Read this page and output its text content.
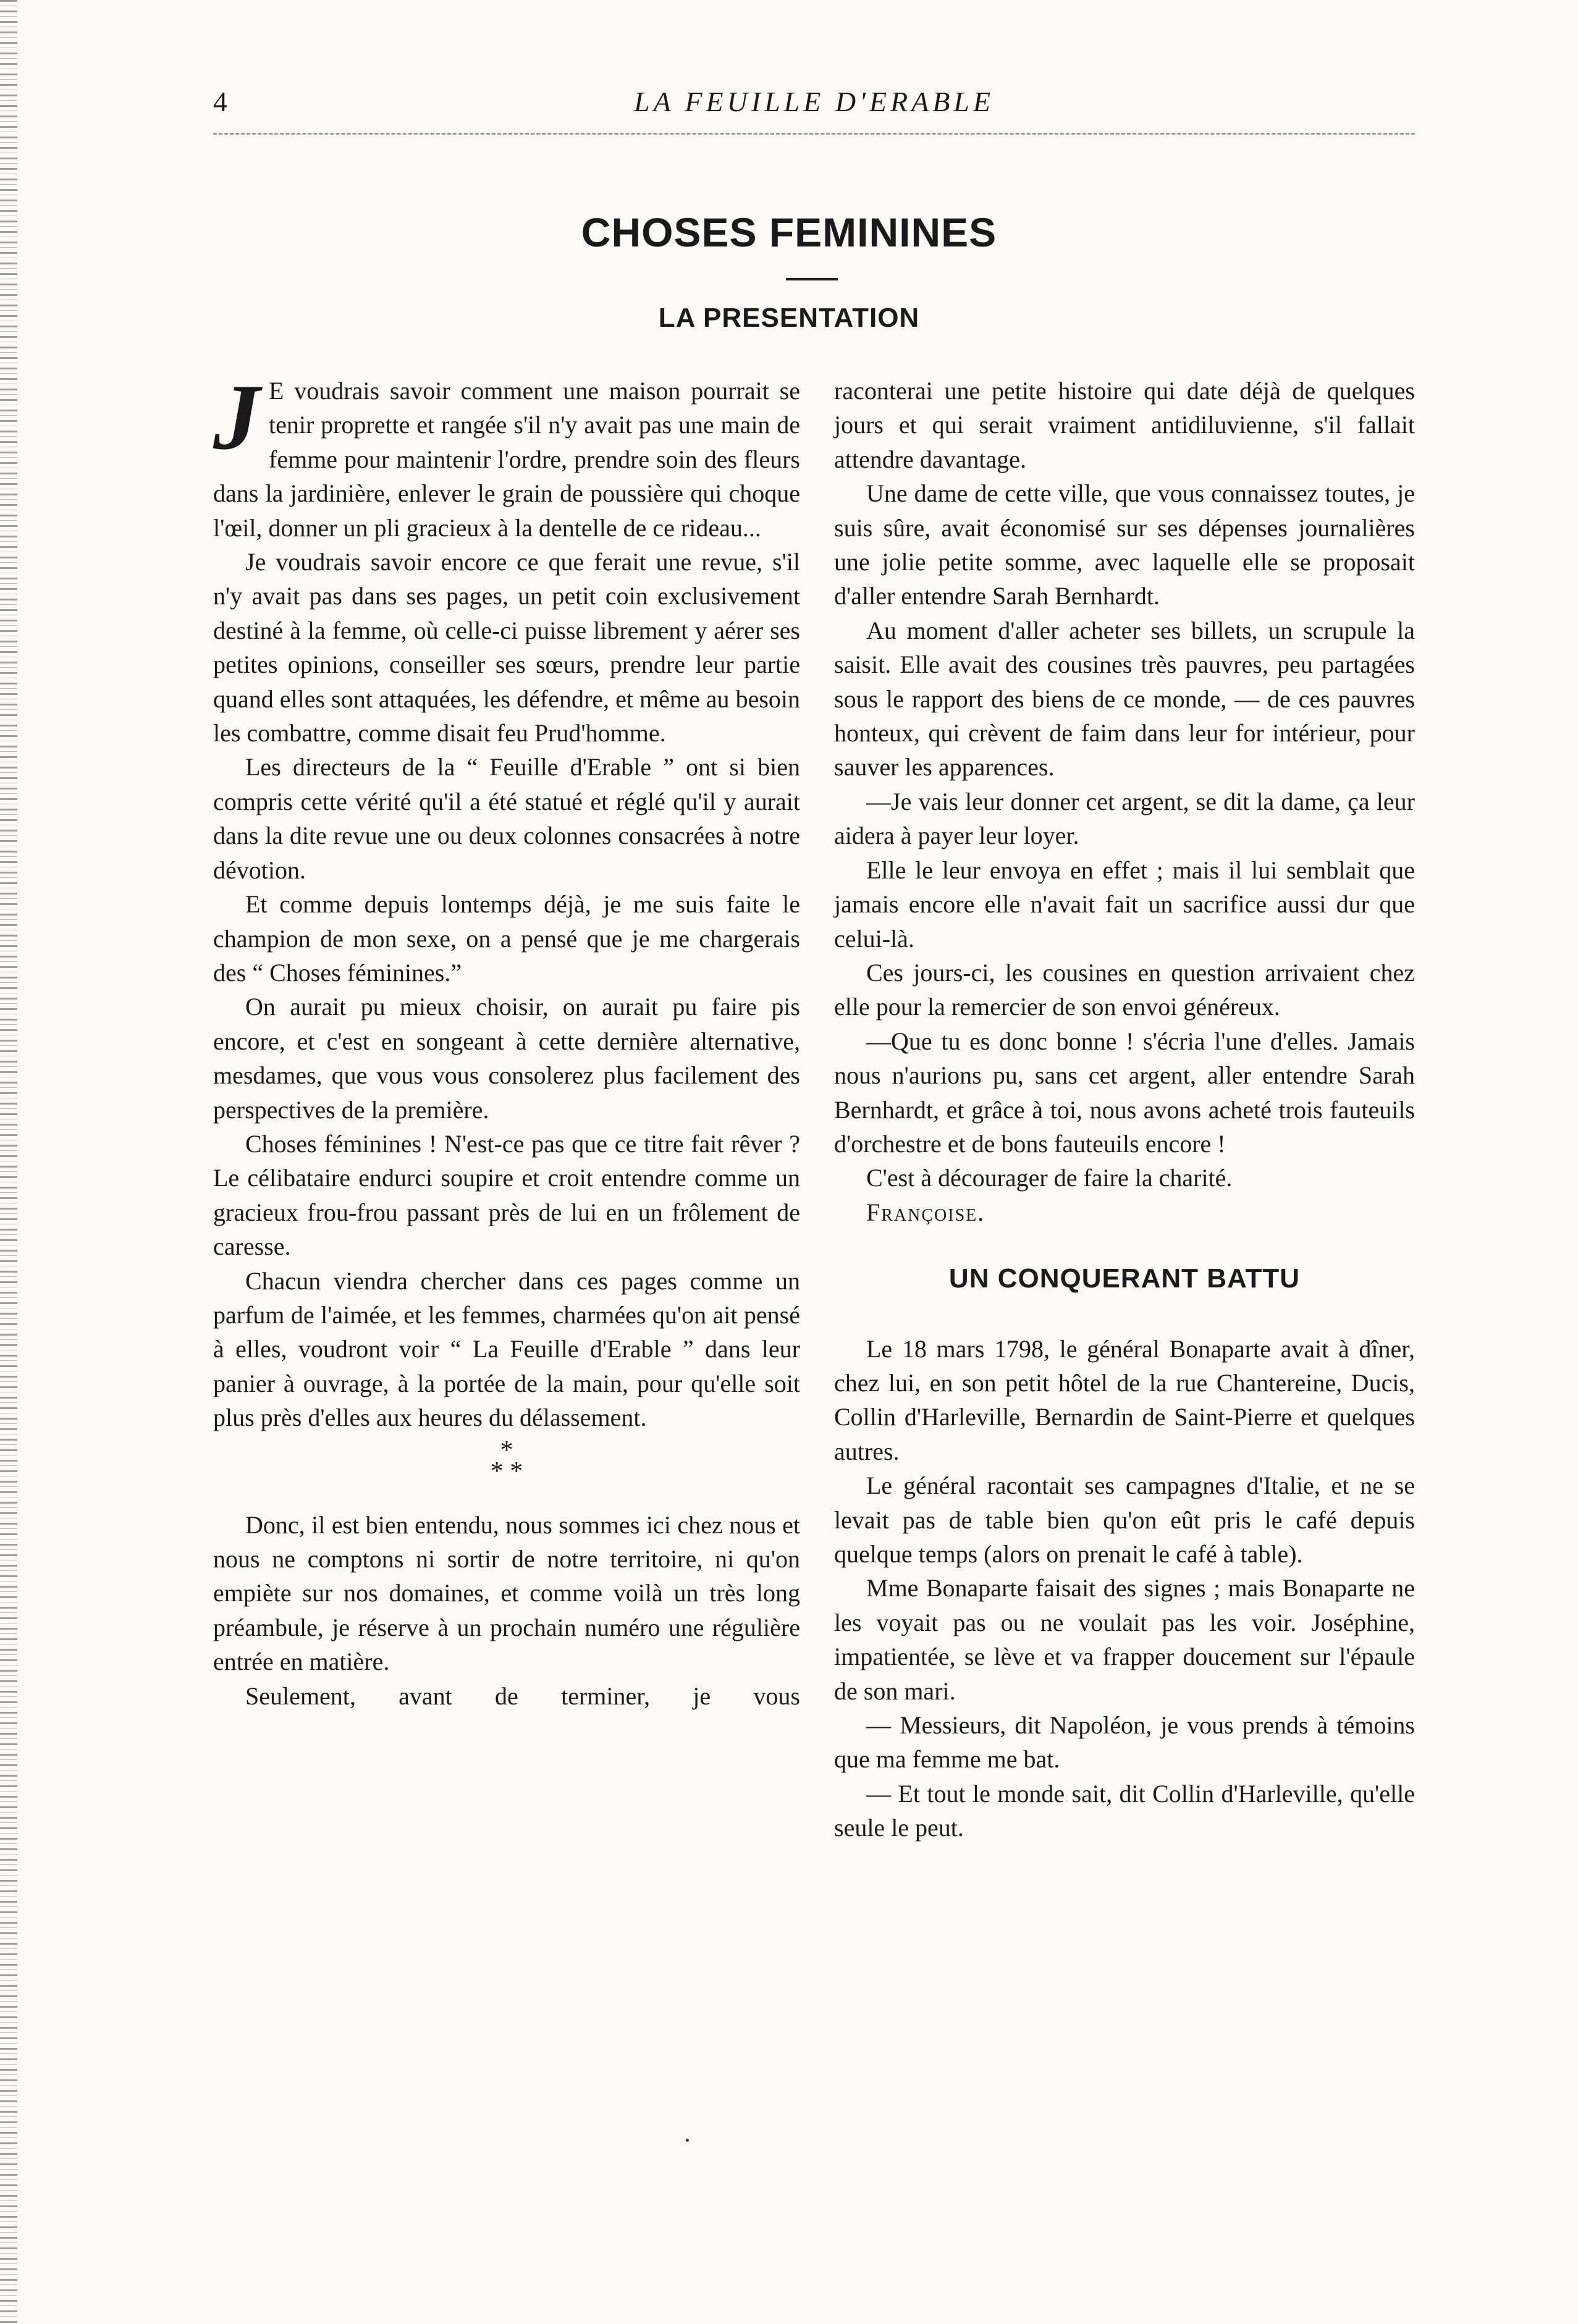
4	LA FEUILLE D'ERABLE
CHOSES FEMININES
LA PRESENTATION

J E voudrais savoir comment une maison pourrait se tenir proprette et rangée s'il n'y avait pas une main de femme pour maintenir l'ordre, prendre soin des fleurs dans la jardinière, enlever le grain de poussière qui choque l'œil, donner un pli gracieux à la dentelle de ce rideau...

Je voudrais savoir encore ce que ferait une revue, s'il n'y avait pas dans ses pages, un petit coin exclusivement destiné à la femme, où celle-ci puisse librement y aérer ses petites opinions, conseiller ses sœurs, prendre leur partie quand elles sont attaquées, les défendre, et même au besoin les combattre, comme disait feu Prud'homme.

Les directeurs de la “ Feuille d'Erable ” ont si bien compris cette vérité qu'il a été statué et réglé qu'il y aurait dans la dite revue une ou deux colonnes consacrées à notre dévotion.

Et comme depuis lontemps déjà, je me suis faite le champion de mon sexe, on a pensé que je me chargerais des “ Choses féminines.”

On aurait pu mieux choisir, on aurait pu faire pis encore, et c'est en songeant à cette dernière alternative, mesdames, que vous vous consolerez plus facilement des perspectives de la première.

Choses féminines ! N'est-ce pas que ce titre fait rêver ? Le célibataire endurci soupire et croit entendre comme un gracieux frou-frou passant près de lui en un frôlement de caresse.

Chacun viendra chercher dans ces pages comme un parfum de l'aimée, et les femmes, charmées qu'on ait pensé à elles, voudront voir “ La Feuille d'Erable ” dans leur panier à ouvrage, à la portée de la main, pour qu'elle soit plus près d'elles aux heures du délassement.

*
* *

Donc, il est bien entendu, nous sommes ici chez nous et nous ne comptons ni sortir de notre territoire, ni qu'on empiète sur nos domaines, et comme voilà un très long préambule, je réserve à un prochain numéro une régulière entrée en matière.

Seulement, avant de terminer, je vous

raconterai une petite histoire qui date déjà de quelques jours et qui serait vraiment antidiluvienne, s'il fallait attendre davantage.

Une dame de cette ville, que vous connaissez toutes, je suis sûre, avait économisé sur ses dépenses journalières une jolie petite somme, avec laquelle elle se proposait d'aller entendre Sarah Bernhardt.

Au moment d'aller acheter ses billets, un scrupule la saisit. Elle avait des cousines très pauvres, peu partagées sous le rapport des biens de ce monde, — de ces pauvres honteux, qui crèvent de faim dans leur for intérieur, pour sauver les apparences.

—Je vais leur donner cet argent, se dit la dame, ça leur aidera à payer leur loyer.

Elle le leur envoya en effet ; mais il lui semblait que jamais encore elle n'avait fait un sacrifice aussi dur que celui-là.

Ces jours-ci, les cousines en question arrivaient chez elle pour la remercier de son envoi généreux.

—Que tu es donc bonne ! s'écria l'une d'elles. Jamais nous n'aurions pu, sans cet argent, aller entendre Sarah Bernhardt, et grâce à toi, nous avons acheté trois fauteuils d'orchestre et de bons fauteuils encore !

C'est à décourager de faire la charité.

Françoise.

UN CONQUERANT BATTU

Le 18 mars 1798, le général Bonaparte avait à dîner, chez lui, en son petit hôtel de la rue Chantereine, Ducis, Collin d'Harleville, Bernardin de Saint-Pierre et quelques autres.

Le général racontait ses campagnes d'Italie, et ne se levait pas de table bien qu'on eût pris le café depuis quelque temps (alors on prenait le café à table).

Mme Bonaparte faisait des signes ; mais Bonaparte ne les voyait pas ou ne voulait pas les voir. Joséphine, impatientée, se lève et va frapper doucement sur l'épaule de son mari.

— Messieurs, dit Napoléon, je vous prends à témoins que ma femme me bat.

— Et tout le monde sait, dit Collin d'Harleville, qu'elle seule le peut.
